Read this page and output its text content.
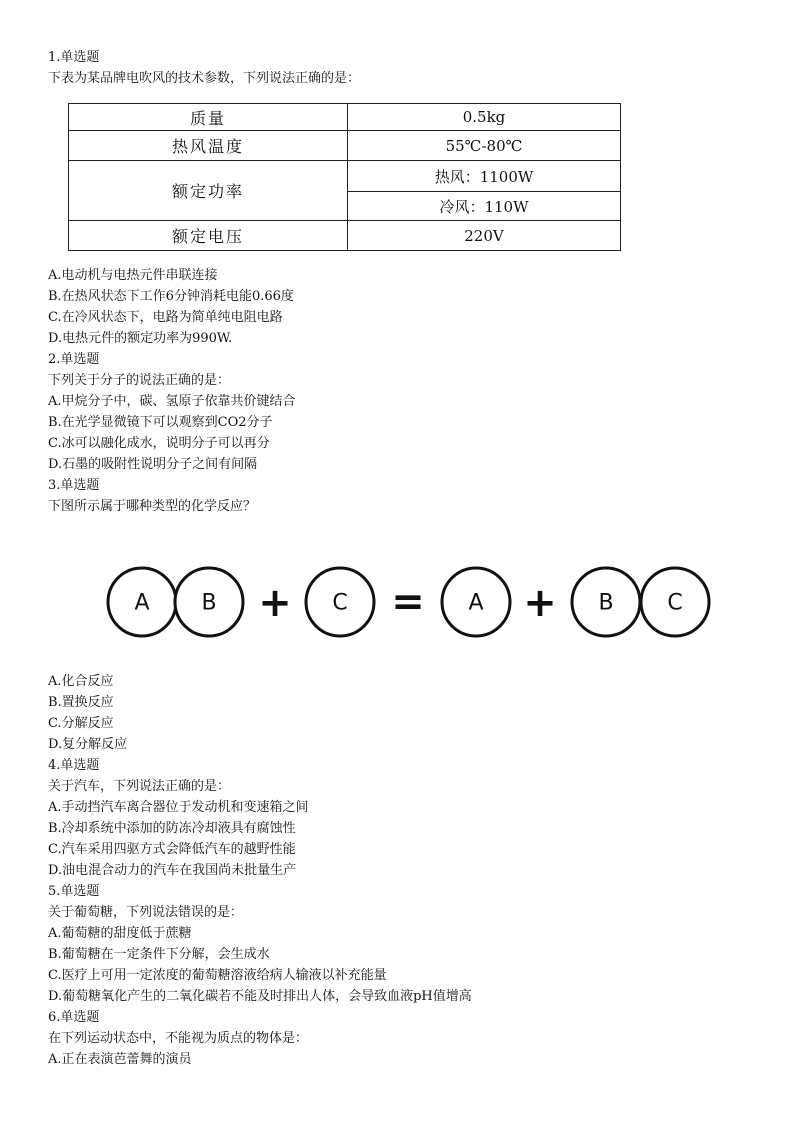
1.单选题
下表为某品牌电吹风的技术参数，下列说法正确的是：
质量	0.5kg
热风温度	55℃-80℃
额定功率	热风：1100W
	冷风：110W
额定电压	220V
A.电动机与电热元件串联连接
B.在热风状态下工作6分钟消耗电能0.66度
C.在冷风状态下，电路为简单纯电阻电路
D.电热元件的额定功率为990W.
2.单选题
下列关于分子的说法正确的是：
A.甲烷分子中，碳、氢原子依靠共价键结合
B.在光学显微镜下可以观察到CO2分子
C.冰可以融化成水，说明分子可以再分
D.石墨的吸附性说明分子之间有间隔
3.单选题
下图所示属于哪种类型的化学反应？
A B	C	A	B C
+ = +
A.化合反应
B.置换反应
C.分解反应
D.复分解反应
4.单选题
关于汽车，下列说法正确的是：
A.手动挡汽车离合器位于发动机和变速箱之间
B.冷却系统中添加的防冻冷却液具有腐蚀性
C.汽车采用四驱方式会降低汽车的越野性能
D.油电混合动力的汽车在我国尚未批量生产
5.单选题
关于葡萄糖，下列说法错误的是：
A.葡萄糖的甜度低于蔗糖
B.葡萄糖在一定条件下分解，会生成水
C.医疗上可用一定浓度的葡萄糖溶液给病人输液以补充能量
D.葡萄糖氧化产生的二氧化碳若不能及时排出人体，会导致血液pH值增高
6.单选题
在下列运动状态中，不能视为质点的物体是：
A.正在表演芭蕾舞的演员
